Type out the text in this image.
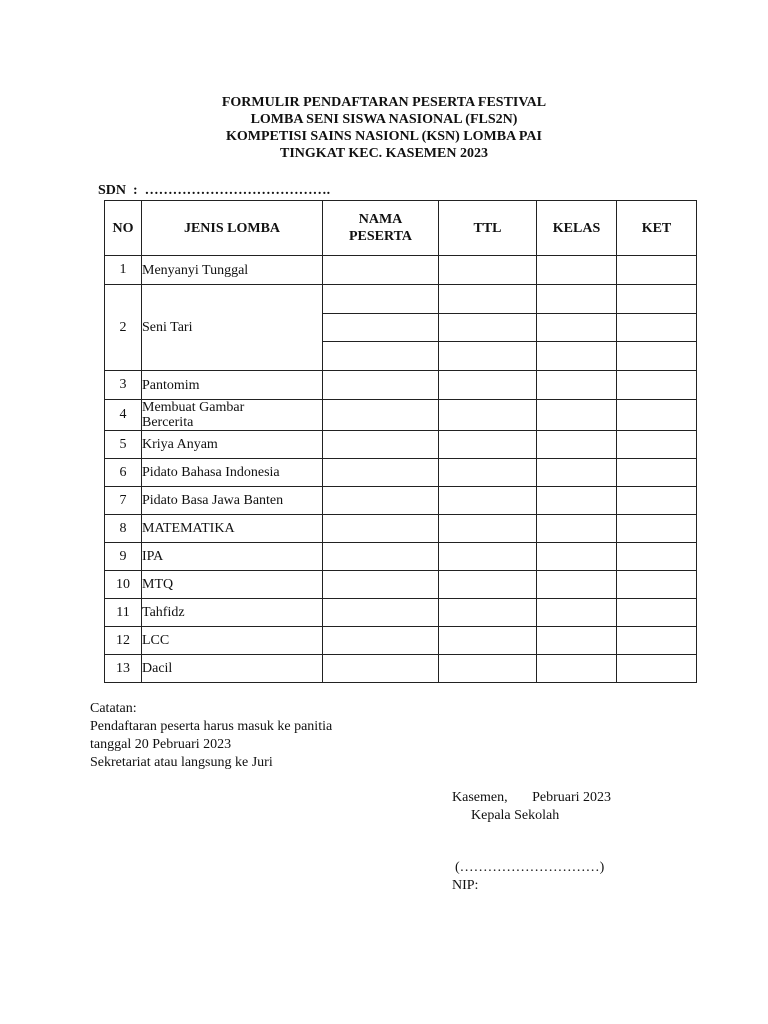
FORMULIR PENDAFTARAN PESERTA FESTIVAL
LOMBA SENI SISWA NASIONAL (FLS2N)
KOMPETISI SAINS NASIONL (KSN) LOMBA PAI
TINGKAT KEC. KASEMEN 2023
SDN  :  ………………………………….
NO	JENIS LOMBA	NAMA PESERTA	TTL	KELAS	KET
1	Menyanyi Tunggal				
2	Seni Tari				

3	Pantomim				
4	Membuat Gambar Bercerita				
5	Kriya Anyam				
6	Pidato Bahasa Indonesia				
7	Pidato Basa Jawa Banten				
8	MATEMATIKA				
9	IPA				
10	MTQ				
11	Tahfidz				
12	LCC				
13	Dacil				
Catatan:
Pendaftaran peserta harus masuk ke panitia
tanggal 20 Pebruari 2023
Sekretariat atau langsung ke Juri
Kasemen,       Pebruari 2023
Kepala Sekolah
(…………………………)
NIP:
